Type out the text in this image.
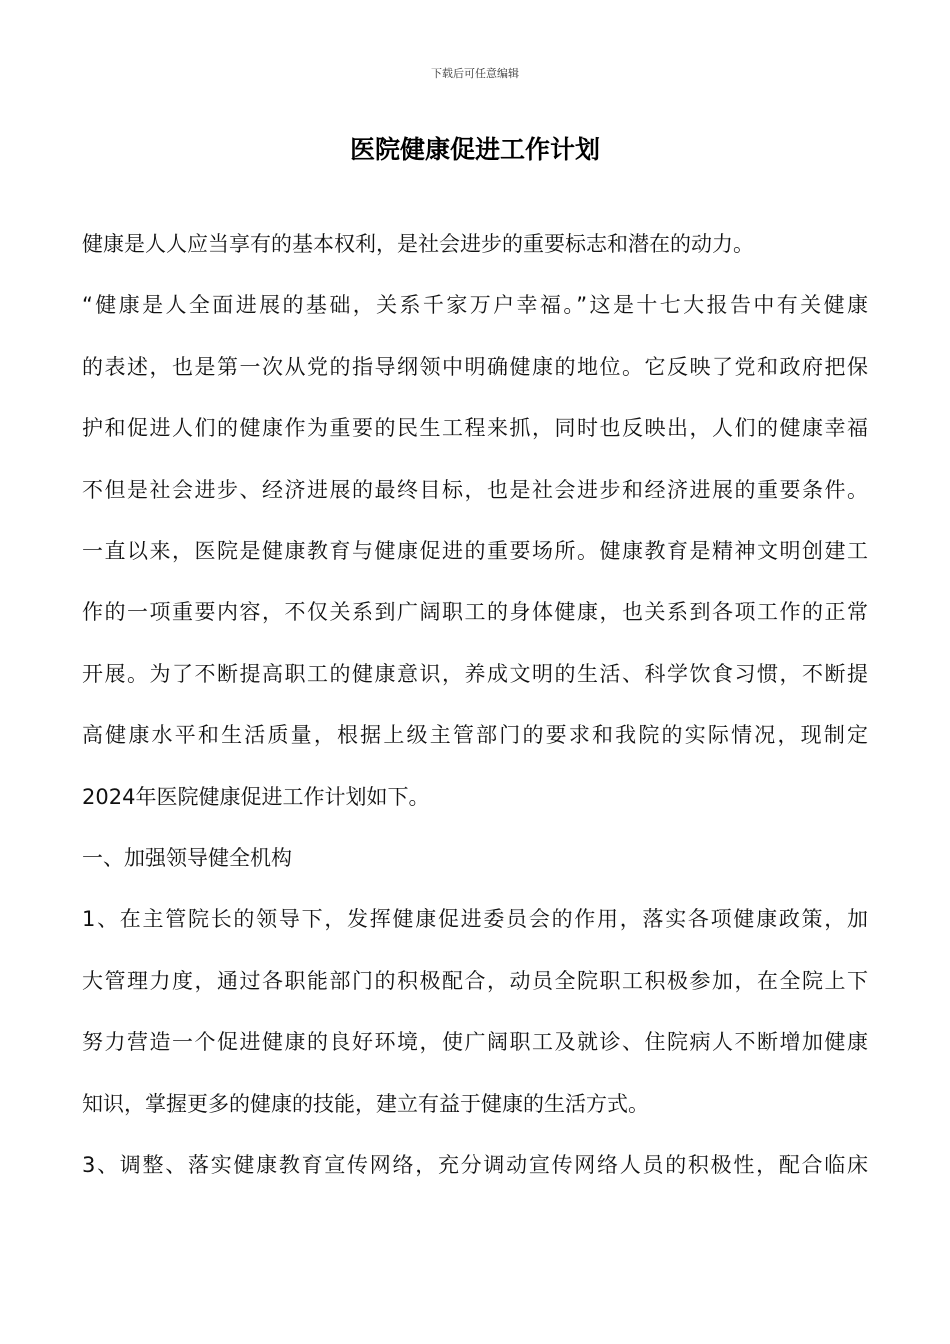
下载后可任意编辑
医院健康促进工作计划

健康是人人应当享有的基本权利，是社会进步的重要标志和潜在的动力。

“健康是人全面进展的基础，关系千家万户幸福。”这是十七大报告中有关健康

的表述，也是第一次从党的指导纲领中明确健康的地位。它反映了党和政府把保

护和促进人们的健康作为重要的民生工程来抓，同时也反映出，人们的健康幸福

不但是社会进步、经济进展的最终目标，也是社会进步和经济进展的重要条件。

一直以来，医院是健康教育与健康促进的重要场所。健康教育是精神文明创建工

作的一项重要内容，不仅关系到广阔职工的身体健康，也关系到各项工作的正常

开展。为了不断提高职工的健康意识，养成文明的生活、科学饮食习惯，不断提

高健康水平和生活质量，根据上级主管部门的要求和我院的实际情况，现制定

2024年医院健康促进工作计划如下。

一、加强领导健全机构

1、在主管院长的领导下，发挥健康促进委员会的作用，落实各项健康政策，加

大管理力度，通过各职能部门的积极配合，动员全院职工积极参加，在全院上下

努力营造一个促进健康的良好环境，使广阔职工及就诊、住院病人不断增加健康

知识，掌握更多的健康的技能，建立有益于健康的生活方式。

3、调整、落实健康教育宣传网络，充分调动宣传网络人员的积极性，配合临床
